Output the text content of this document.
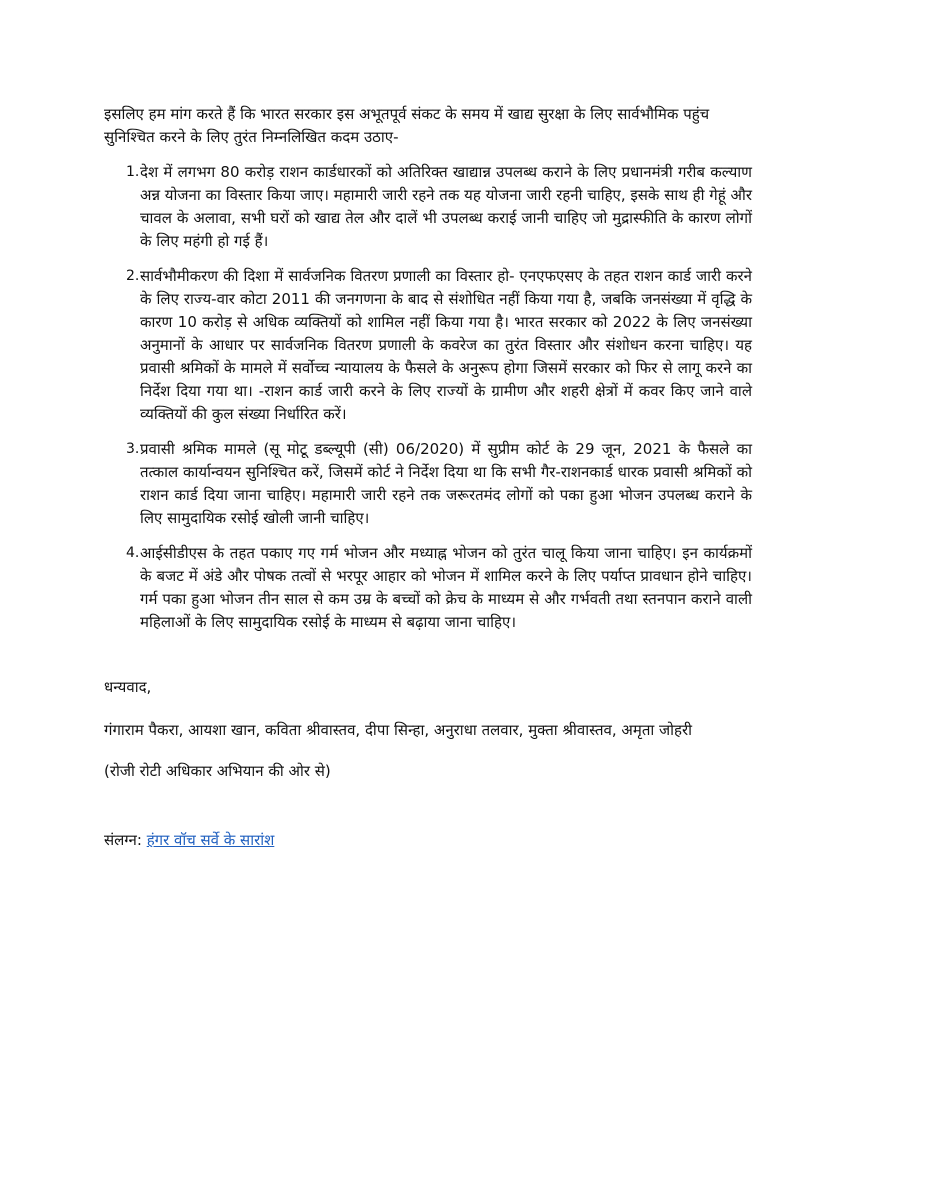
इसलिए हम मांग करते हैं कि भारत सरकार इस अभूतपूर्व संकट के समय में खाद्य सुरक्षा के लिए सार्वभौमिक पहुंच सुनिश्चित करने के लिए तुरंत निम्नलिखित कदम उठाए-

1. देश में लगभग 80 करोड़ राशन कार्डधारकों को अतिरिक्त खाद्यान्न उपलब्ध कराने के लिए प्रधानमंत्री गरीब कल्याण अन्न योजना का विस्तार किया जाए। महामारी जारी रहने तक यह योजना जारी रहनी चाहिए, इसके साथ ही गेहूं और चावल के अलावा, सभी घरों को खाद्य तेल और दालें भी उपलब्ध कराई जानी चाहिए जो मुद्रास्फीति के कारण लोगों के लिए महंगी हो गई हैं।
2. सार्वभौमीकरण की दिशा में सार्वजनिक वितरण प्रणाली का विस्तार हो- एनएफएसए के तहत राशन कार्ड जारी करने के लिए राज्य-वार कोटा 2011 की जनगणना के बाद से संशोधित नहीं किया गया है, जबकि जनसंख्या में वृद्धि के कारण 10 करोड़ से अधिक व्यक्तियों को शामिल नहीं किया गया है। भारत सरकार को 2022 के लिए जनसंख्या अनुमानों के आधार पर सार्वजनिक वितरण प्रणाली के कवरेज का तुरंत विस्तार और संशोधन करना चाहिए। यह प्रवासी श्रमिकों के मामले में सर्वोच्च न्यायालय के फैसले के अनुरूप होगा जिसमें सरकार को फिर से लागू करने का निर्देश दिया गया था। -राशन कार्ड जारी करने के लिए राज्यों के ग्रामीण और शहरी क्षेत्रों में कवर किए जाने वाले व्यक्तियों की कुल संख्या निर्धारित करें।
3. प्रवासी श्रमिक मामले (सू मोटू डब्ल्यूपी (सी) 06/2020) में सुप्रीम कोर्ट के 29 जून, 2021 के फैसले का तत्काल कार्यान्वयन सुनिश्चित करें, जिसमें कोर्ट ने निर्देश दिया था कि सभी गैर-राशनकार्ड धारक प्रवासी श्रमिकों को राशन कार्ड दिया जाना चाहिए। महामारी जारी रहने तक जरूरतमंद लोगों को पका हुआ भोजन उपलब्ध कराने के लिए सामुदायिक रसोई खोली जानी चाहिए।
4. आईसीडीएस के तहत पकाए गए गर्म भोजन और मध्याह्न भोजन को तुरंत चालू किया जाना चाहिए। इन कार्यक्रमों के बजट में अंडे और पोषक तत्वों से भरपूर आहार को भोजन में शामिल करने के लिए पर्याप्त प्रावधान होने चाहिए। गर्म पका हुआ भोजन तीन साल से कम उम्र के बच्चों को क्रेच के माध्यम से और गर्भवती तथा स्तनपान कराने वाली महिलाओं के लिए सामुदायिक रसोई के माध्यम से बढ़ाया जाना चाहिए।

धन्यवाद,

गंगाराम पैकरा, आयशा खान, कविता श्रीवास्तव, दीपा सिन्हा, अनुराधा तलवार, मुक्ता श्रीवास्तव, अमृता जोहरी

(रोजी रोटी अधिकार अभियान की ओर से)

संलग्न: हंगर वॉच सर्वे के सारांश
